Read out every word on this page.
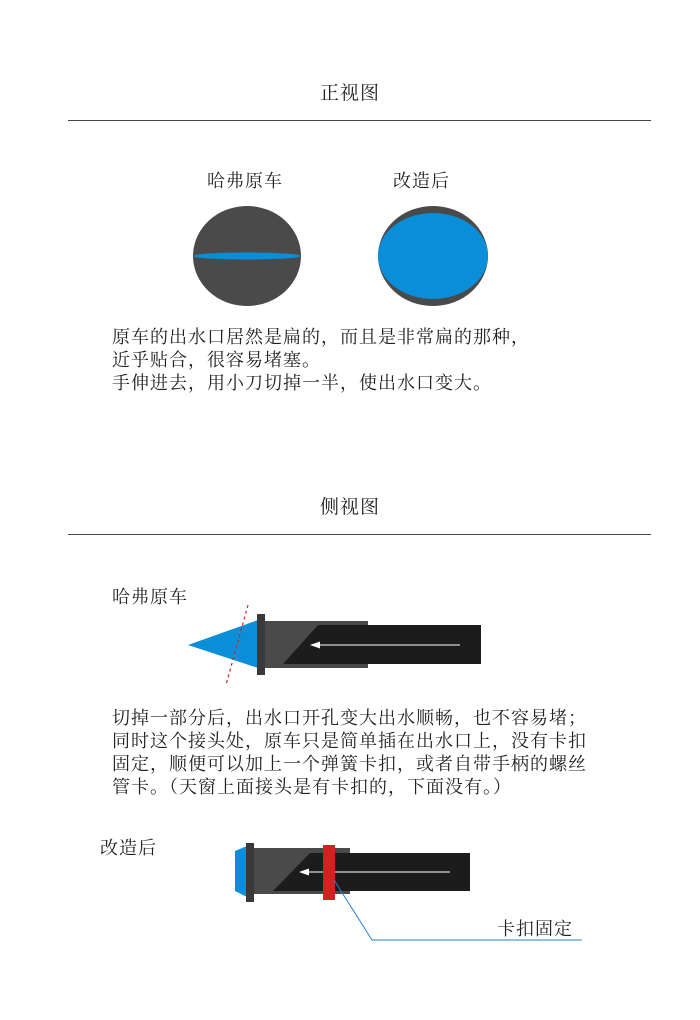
正视图
哈弗原车	改造后
原车的出水口居然是扁的，而且是非常扁的那种，
近乎贴合，很容易堵塞。
手伸进去，用小刀切掉一半，使出水口变大。
侧视图
哈弗原车
切掉一部分后，出水口开孔变大出水顺畅，也不容易堵；
同时这个接头处，原车只是简单插在出水口上，没有卡扣
固定，顺便可以加上一个弹簧卡扣，或者自带手柄的螺丝
管卡。（天窗上面接头是有卡扣的，下面没有。）
改造后
卡扣固定
